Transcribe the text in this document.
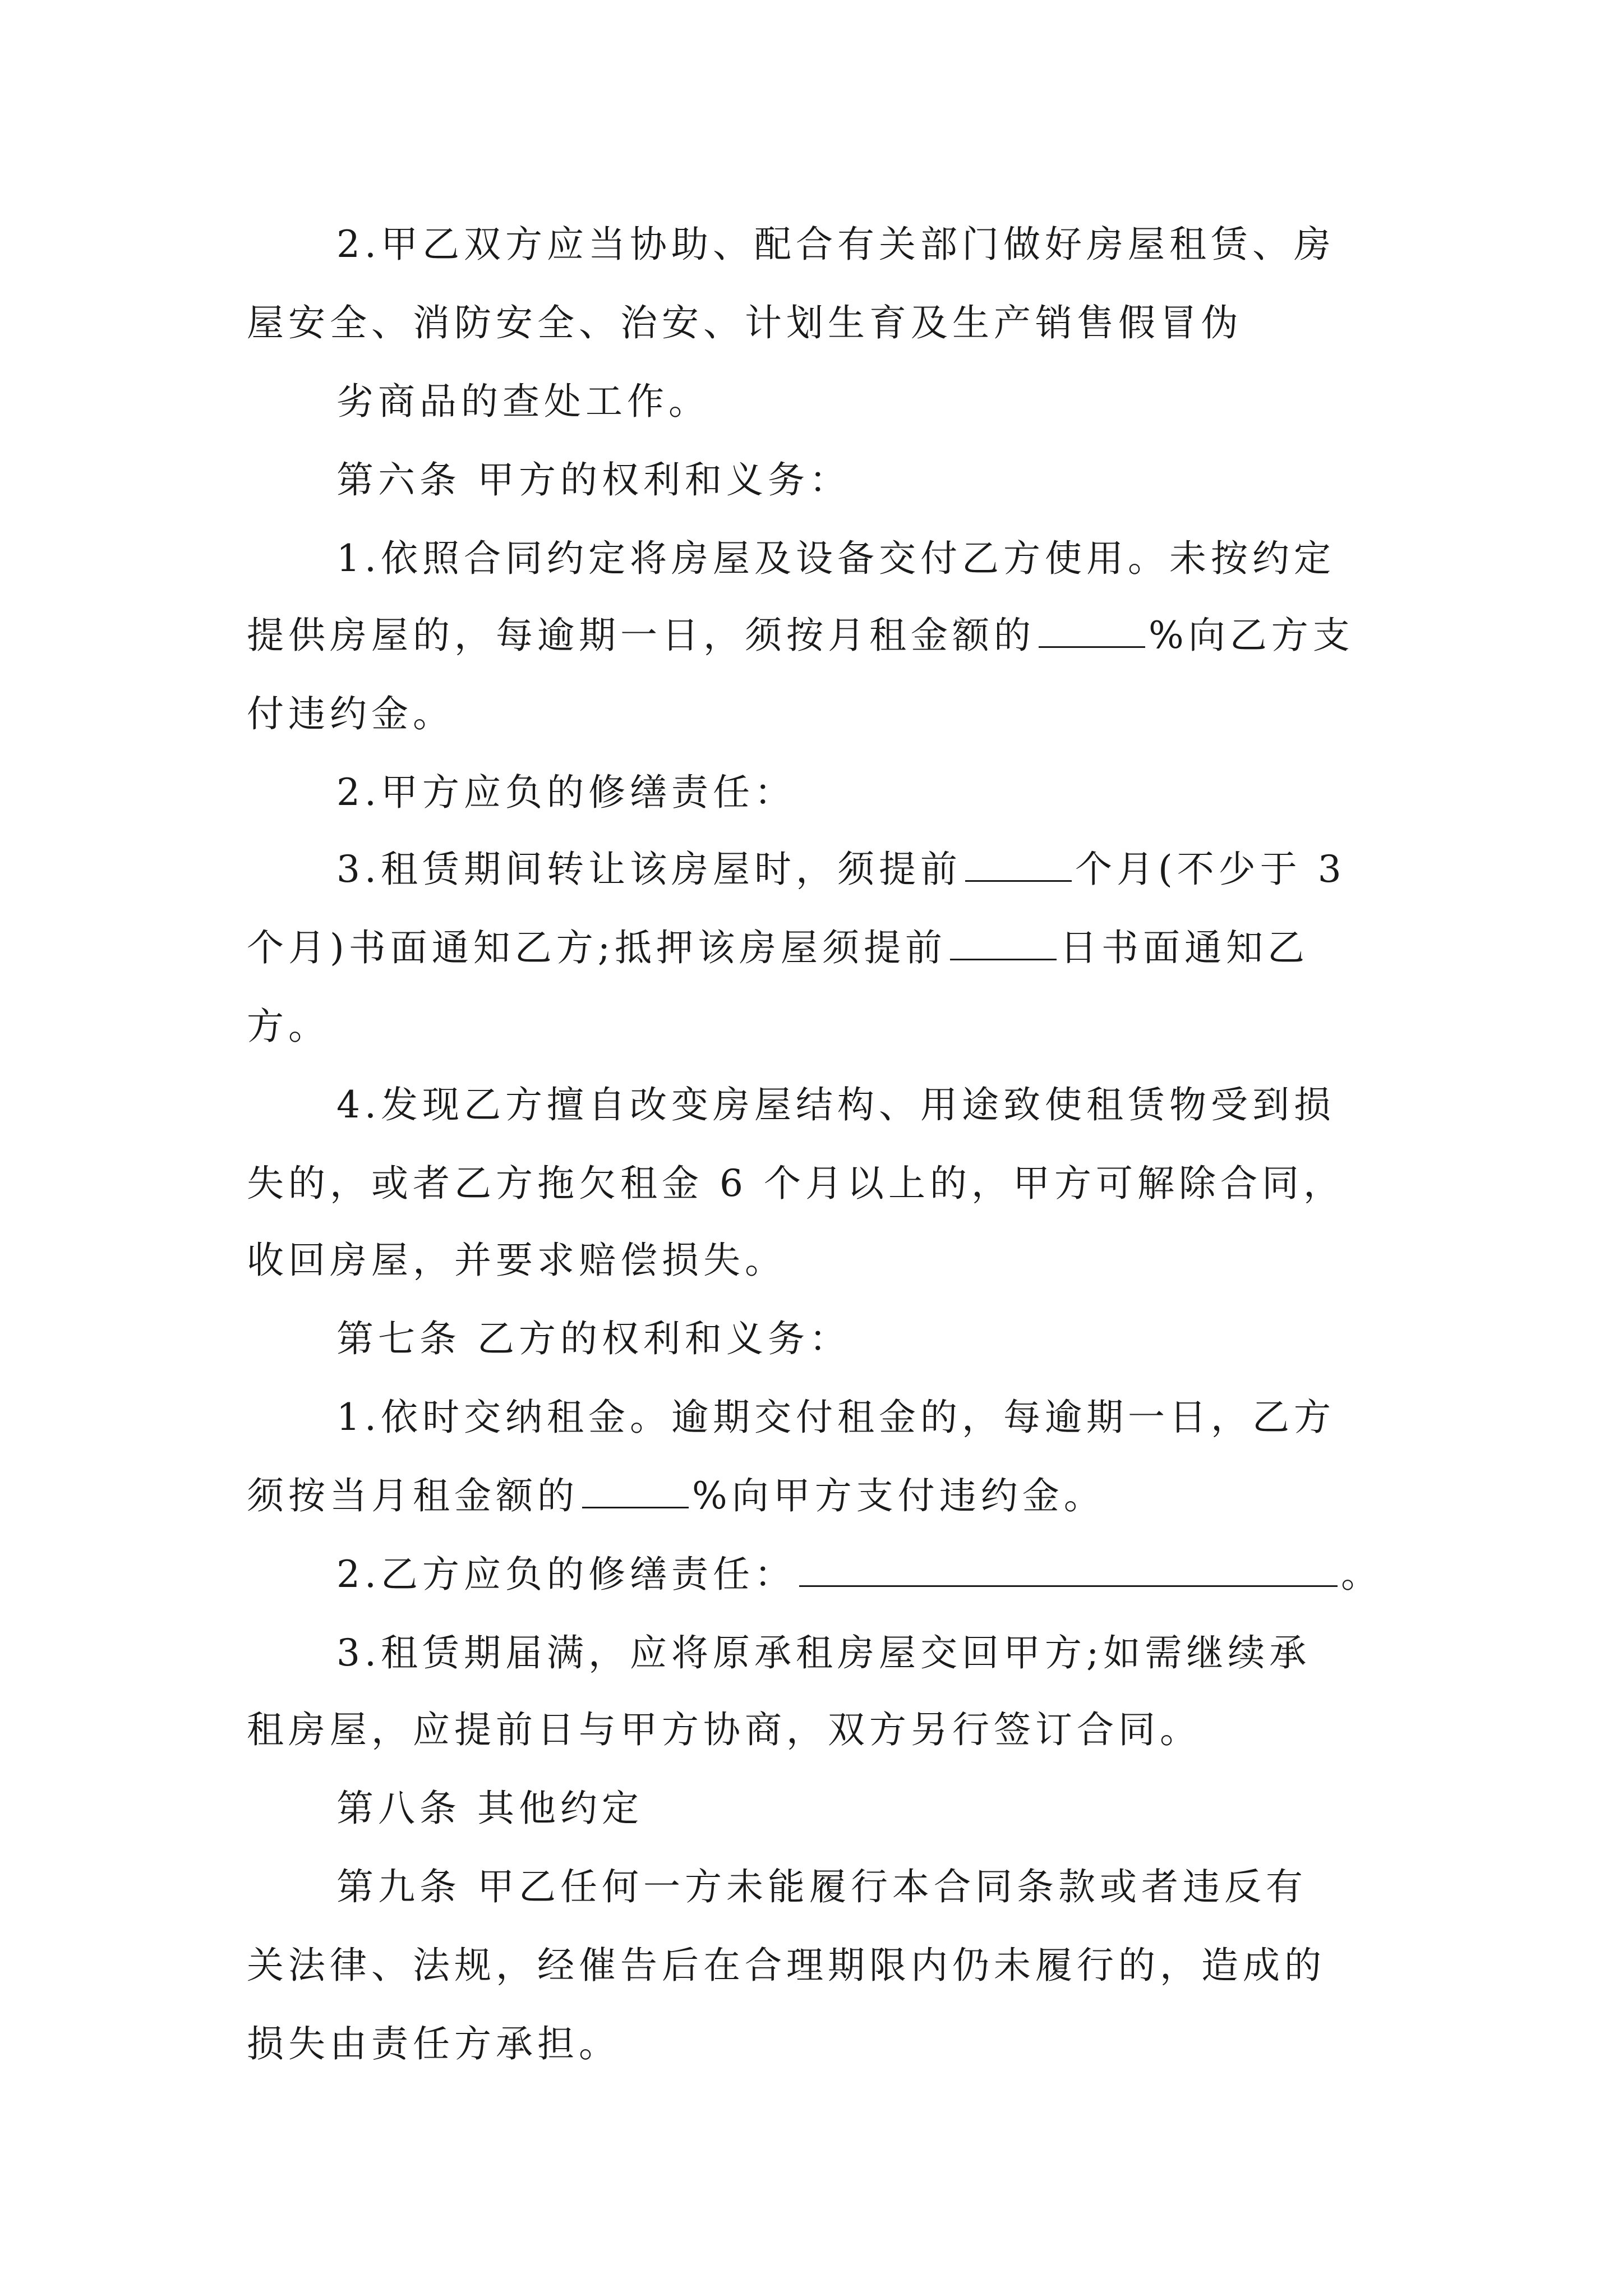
2.甲乙双方应当协助、配合有关部门做好房屋租赁、房
屋安全、消防安全、治安、计划生育及生产销售假冒伪
劣商品的查处工作。
第六条 甲方的权利和义务：
1.依照合同约定将房屋及设备交付乙方使用。未按约定
提供房屋的，每逾期一日，须按月租金额的	%向乙方支
付违约金。
2.甲方应负的修缮责任：
3.租赁期间转让该房屋时，须提前	个月(不少于 3
个月)书面通知乙方;抵押该房屋须提前	日书面通知乙
方。
4.发现乙方擅自改变房屋结构、用途致使租赁物受到损
失的，或者乙方拖欠租金 6 个月以上的，甲方可解除合同，
收回房屋，并要求赔偿损失。
第七条 乙方的权利和义务：
1.依时交纳租金。逾期交付租金的，每逾期一日，乙方
须按当月租金额的	%向甲方支付违约金。
2.乙方应负的修缮责任：	。
3.租赁期届满，应将原承租房屋交回甲方;如需继续承
租房屋，应提前日与甲方协商，双方另行签订合同。
第八条 其他约定
第九条 甲乙任何一方未能履行本合同条款或者违反有
关法律、法规，经催告后在合理期限内仍未履行的，造成的
损失由责任方承担。
